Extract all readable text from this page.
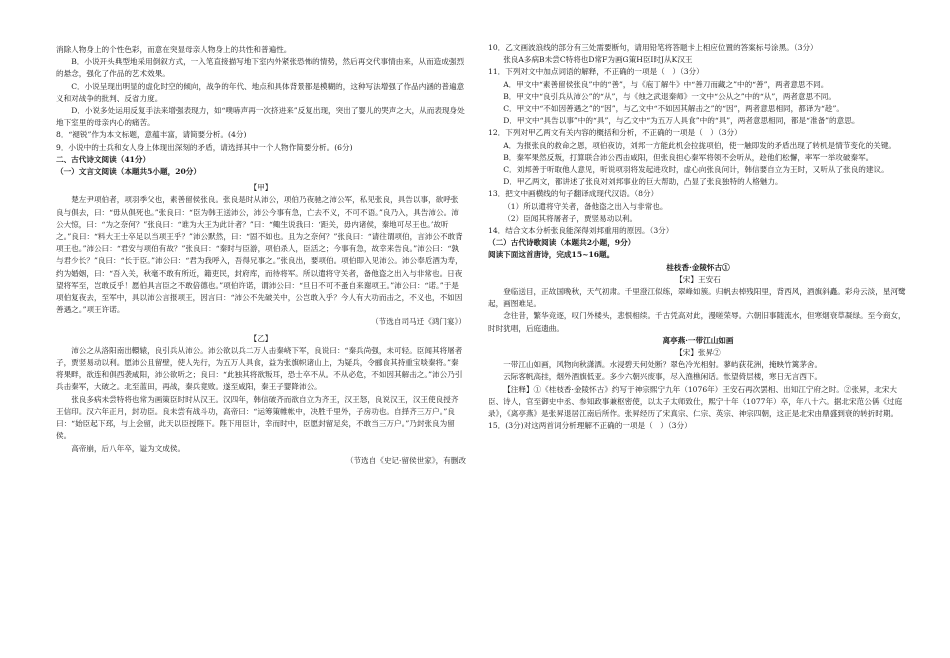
消除人物身上的个性色彩，而意在突显母亲人物身上的共性和普遍性。

B．小说开头典型地采用倒叙方式，一入笔直接描写地下室内外紧张恐怖的情势，然后再交代事情由来，从而造成强烈的悬念，强化了作品的艺术效果。

C．小说呈现出明显的虚化时空的倾向，战争的年代、地点和具体背景都是模糊的，这种写法增强了作品内涵的普遍意义和对战争的批判、反省力度。

D．小说多处运用反复手法来增强表现力，如“噗哧声再一次挤进来”反复出现，突出了婴儿的哭声之大，从而表现身处地下室里的母亲内心的痛苦。

8．“褪锐”作为本文标题，意蕴丰富，请简要分析。(4分)

9．小说中的士兵和女人身上体现出深刻的矛盾，请选择其中一个人物作简要分析。(6分)

二、古代诗文阅读（41分）

（一）文言文阅读（本题共5小题，20分）

【甲】

楚左尹项伯者，项羽季父也，素善留侯张良。张良是时从沛公，项伯乃夜驰之沛公军，私见张良，具告以事，欲呼张良与俱去，曰：“毋从俱死也。”张良曰：“臣为韩王送沛公，沛公今事有急，亡去不义，不可不语。”良乃入，具告沛公。沛公大惊，曰：“为之奈何？”张良曰：“谁为大王为此计者？”曰：“鲰生说我曰：‘距关，毋内诸侯，秦地可尽王也。’故听之。”良曰：“料大王士卒足以当项王乎？”沛公默然，曰：“固不如也。且为之奈何？”张良曰：“请往谓项伯，言沛公不敢背项王也。”沛公曰：“君安与项伯有故？”张良曰：“秦时与臣游，项伯杀人，臣活之；今事有急，故幸来告良。”沛公曰：“孰与君少长？”良曰：“长于臣。”沛公曰：“君为我呼入，吾得兄事之。”张良出，要项伯。项伯即入见沛公。沛公奉卮酒为寿，约为婚姻，曰：“吾入关，秋毫不敢有所近，籍吏民，封府库，而待将军。所以遣将守关者，备他盗之出入与非常也。日夜望将军至，岂敢反乎！愿伯具言臣之不敢倍德也。”项伯许诺，谓沛公曰：“旦日不可不蚤自来谢项王。”沛公曰：“诺。”于是项伯复夜去，至军中，具以沛公言报项王，因言曰：“沛公不先破关中，公岂敢入乎？今人有大功而击之，不义也，不如因善遇之。”项王许诺。

（节选自司马迁《鸿门宴》）

【乙】

沛公之从洛阳南出轘辕，良引兵从沛公。沛公欲以兵二万人击秦峣下军，良说曰：“秦兵尚强，未可轻。臣闻其将屠者子，贾竖易动以利。愿沛公且留壁，使人先行，为五万人具食，益为张旗帜诸山上，为疑兵，令郦食其持重宝啖秦将。”秦将果畔，欲连和俱西袭咸阳，沛公欲听之；良曰：“此独其将欲叛耳，恐士卒不从。不从必危，不如因其解击之。”沛公乃引兵击秦军，大破之。北至蓝田，再战，秦兵竟败。遂至咸阳，秦王子婴降沛公。

张良多病未尝特将也常为画策臣时时从汉王。汉四年，韩信破齐而欲自立为齐王，汉王怒，良说汉王，汉王使良授齐王信印。汉六年正月，封功臣。良未尝有战斗功，高帝曰：“运筹策帷帐中，决胜千里外，子房功也。自择齐三万户。”良曰：“始臣起下邳，与上会留，此天以臣授陛下。陛下用臣计，幸而时中，臣愿封留足矣，不敢当三万户。”乃封张良为留侯。

高帝崩，后八年卒，谥为文成侯。

（节选自《史记·留侯世家》，有删改

10．乙文画波浪线的部分有三处需要断句，请用铅笔将答题卡上相应位置的答案标号涂黑。（3分）

张良A多病B未尝C特将也D常F为画G策H臣I时J从K汉王

11．下列对文中加点词语的解释，不正确的一项是（　）（3分）

A．甲文中“素善留侯张良”中的“善”，与《庖丁解牛》中“善刀而藏之”中的“善”，两者意思不同。

B．甲文中“良引兵从沛公”的“从”，与《烛之武退秦师》一文中“公从之”中的“从”，两者意思不同。

C．甲文中“不如因善遇之”的“因”，与乙文中“不如因其解击之”的“因”，两者意思相同，都译为“趁”。

D．甲文中“具告以事”中的“具”，与乙文中“为五万人具食”中的“具”，两者意思相同，都是“准备”的意思。

12．下列对甲乙两文有关内容的概括和分析，不正确的一项是（　）（3分）

A．为报张良的救命之恩，项伯夜访，刘邦一方能此机会拉拢项伯，使一触即发的矛盾出现了转机是情节变化的关键。

B．秦军果然反叛，打算联合沛公西击咸阳，但张良担心秦军将领不会听从，趁他们松懈，率军一举攻破秦军。

C．刘邦善于听取他人意见，听说项羽将发起进攻时，虚心向张良问计，韩信要自立为王时，又听从了张良的建议。

D．甲乙两文，都讲述了张良对刘邦事业的巨大帮助，凸显了张良独特的人格魅力。

13．把文中画横线的句子翻译成现代汉语。（8分）

（1）所以遣将守关者，备他盗之出入与非常也。

（2）臣闻其将屠者子，贾竖易动以利。

14．结合文本分析张良能深得刘邦重用的原因。（3分）

（二）古代诗歌阅读（本题共2小题，9分）

阅读下面这首唐诗，完成15~16题。

桂枝香·金陵怀古①

【宋】王安石

登临送目，正故国晚秋，天气初肃。千里澄江似练，翠峰如簇。归帆去棹残阳里，背西风，酒旗斜矗。彩舟云淡，星河鹭起，画图难足。

念往昔，繁华竞逐，叹门外楼头，悲恨相续。千古凭高对此，漫嗟荣辱。六朝旧事随流水，但寒烟衰草凝绿。至今商女，时时犹唱，后庭遗曲。

离亭燕·一带江山如画

【宋】张昇②

一带江山如画，风物向秋潇洒。水浸碧天何处断？翠色冷光相射。蓼屿荻花洲，掩映竹篱茅舍。

云际客帆高挂，烟外酒旗低亚。多少六朝兴废事，尽入渔樵闲话。怅望倚层楼，寒日无言西下。

【注释】①《桂枝香·金陵怀古》约写于神宗熙宁九年（1076年）王安石再次罢相、出知江宁府之时。②张昇，北宋大臣、诗人，官至御史中丞、参知政事兼枢密使，以太子太师致仕，熙宁十年（1077年）卒，年八十六。据北宋范公偁《过庭录》，《离亭燕》是张昇退居江南后所作。张昇经历了宋真宗、仁宗、英宗、神宗四朝，这正是北宋由鼎盛到衰的转折时期。

15．(3分)对这两首词分析理解不正确的一项是（　）（3分）
